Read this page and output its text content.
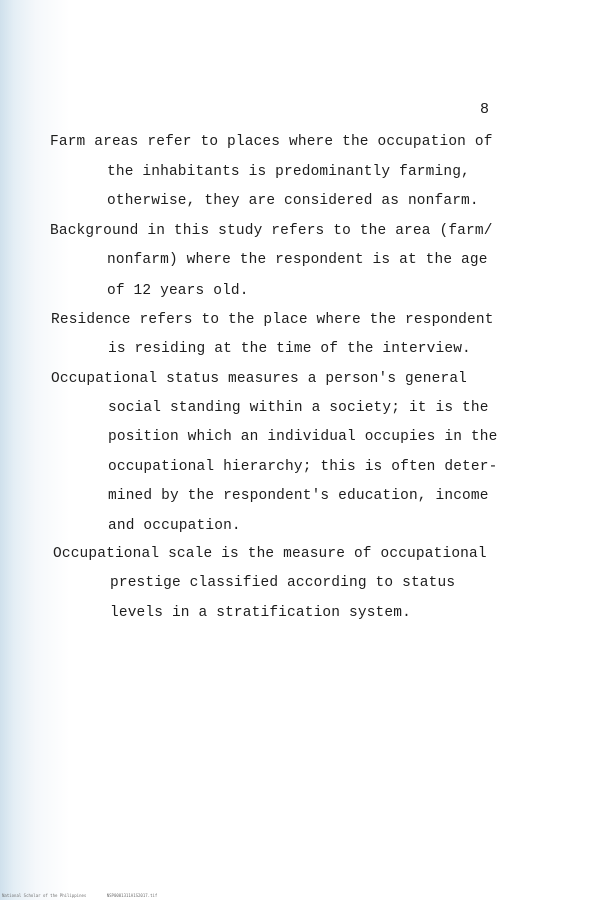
8
Farm areas refer to places where the occupation of
the inhabitants is predominantly farming,
otherwise, they are considered as nonfarm.
Background in this study refers to the area (farm/
nonfarm) where the respondent is at the age
of 12 years old.
Residence refers to the place where the respondent
is residing at the time of the interview.
Occupational status measures a person's general
social standing within a society; it is the
position which an individual occupies in the
occupational hierarchy; this is often deter-
mined by the respondent's education, income
and occupation.
Occupational scale is the measure of occupational
prestige classified according to status
levels in a stratification system.
National Scholar of the Philippines	NSP0001311A1S2017.tif
